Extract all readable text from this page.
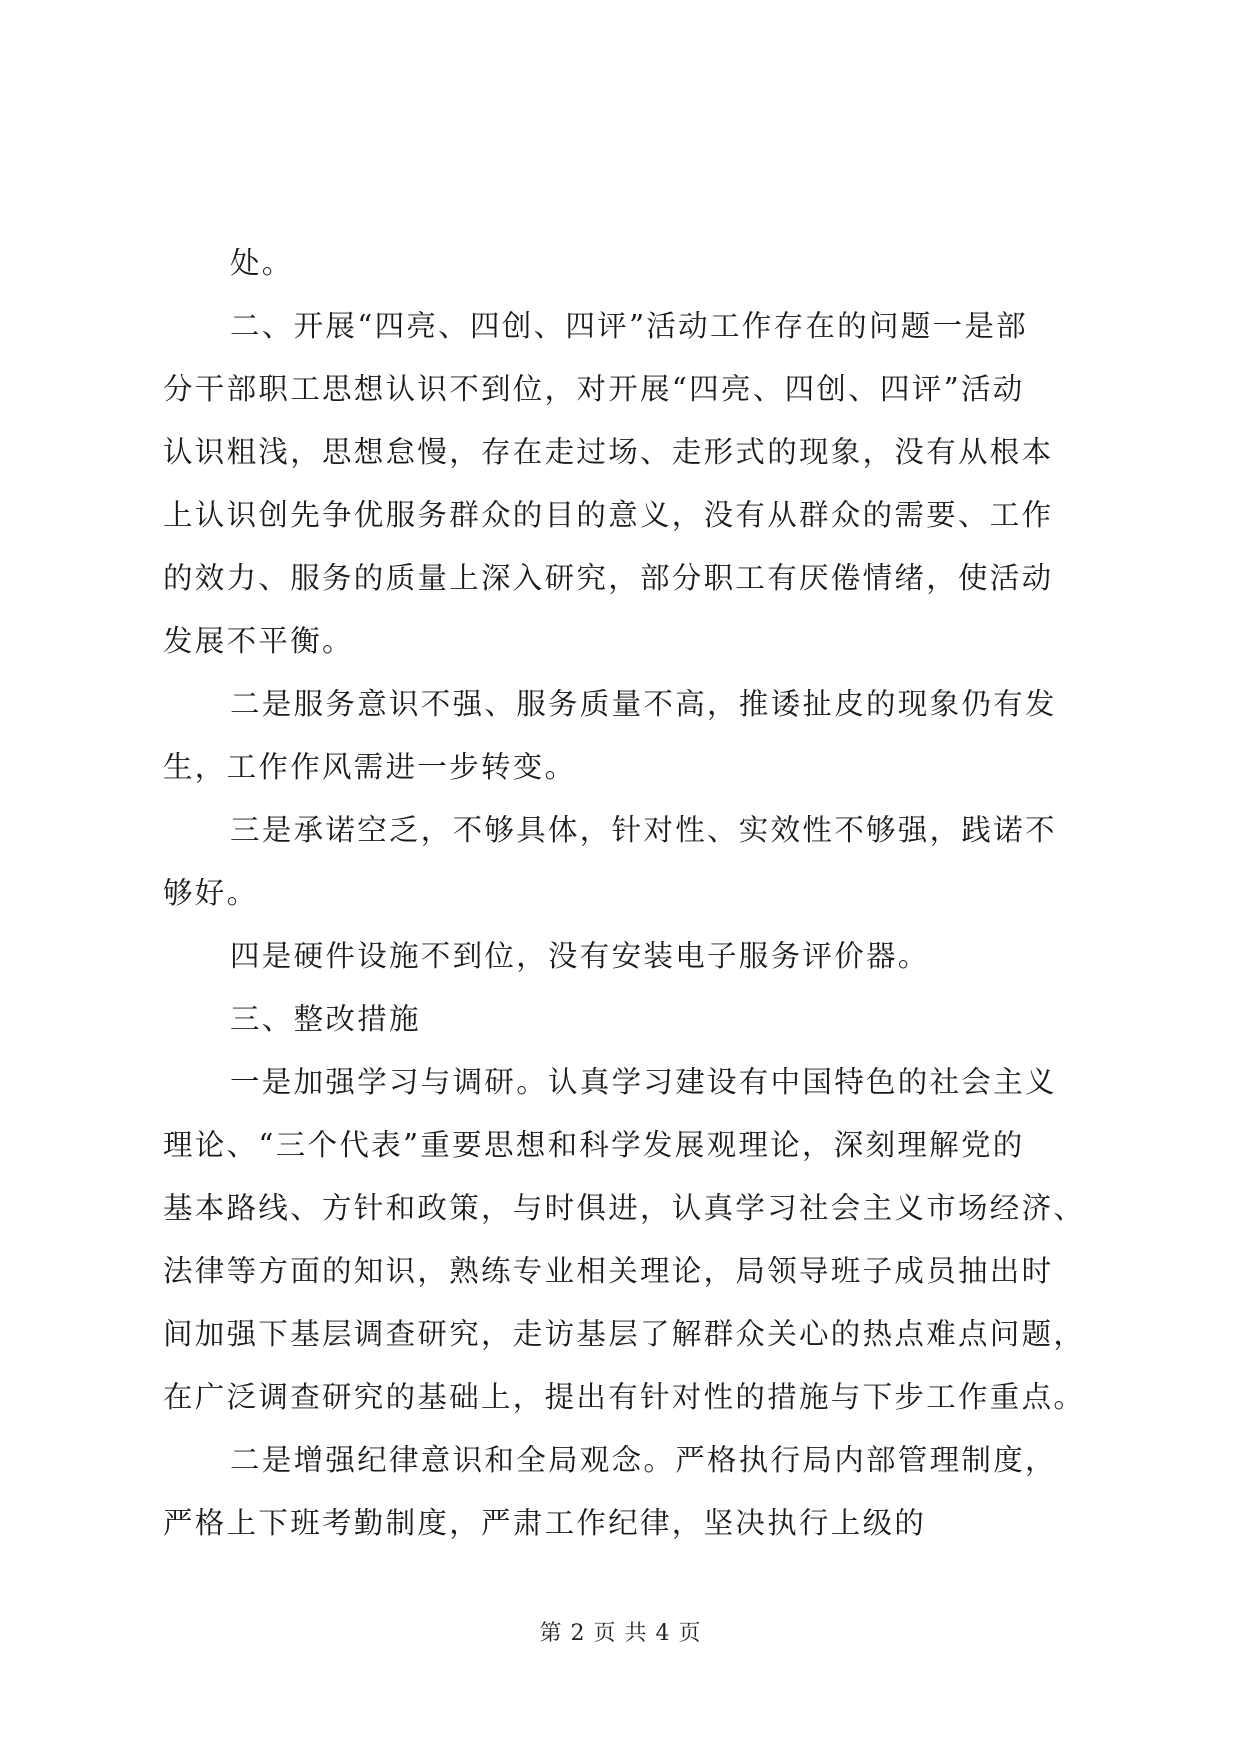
处。
二、开展“四亮、四创、四评”活动工作存在的问题一是部
分干部职工思想认识不到位，对开展“四亮、四创、四评”活动
认识粗浅，思想怠慢，存在走过场、走形式的现象，没有从根本
上认识创先争优服务群众的目的意义，没有从群众的需要、工作
的效力、服务的质量上深入研究，部分职工有厌倦情绪，使活动
发展不平衡。
二是服务意识不强、服务质量不高，推诿扯皮的现象仍有发
生，工作作风需进一步转变。
三是承诺空乏，不够具体，针对性、实效性不够强，践诺不
够好。
四是硬件设施不到位，没有安装电子服务评价器。
三、整改措施
一是加强学习与调研。认真学习建设有中国特色的社会主义
理论、“三个代表”重要思想和科学发展观理论，深刻理解党的
基本路线、方针和政策，与时俱进，认真学习社会主义市场经济、
法律等方面的知识，熟练专业相关理论，局领导班子成员抽出时
间加强下基层调查研究，走访基层了解群众关心的热点难点问题，
在广泛调查研究的基础上，提出有针对性的措施与下步工作重点。
二是增强纪律意识和全局观念。严格执行局内部管理制度，
严格上下班考勤制度，严肃工作纪律，坚决执行上级的
第 2 页 共 4 页
